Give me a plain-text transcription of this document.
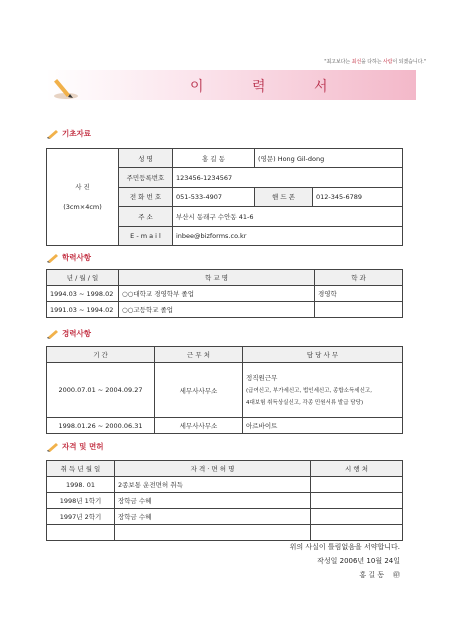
"최고보다는 최선을 다하는 사람이 되겠습니다."
이 력 서
기초자료
사 진
(3cm×4cm)	성 명	홍 길 동	(영문) Hong Gil-dong	
	주민등록번호	123456-1234567		
	전 화 번 호	051-533-4907	핸 드 폰	012-345-6789
	주 소	부산시 동래구 수안동 41-6		
	E - m a i l	inbee@bizforms.co.kr		
학력사항
년 / 월 / 일	학 교 명	학 과
1994.03 ~ 1998.02	○○대학교 경영학부 졸업	경영학
1991.03 ~ 1994.02	○○고등학교 졸업	
경력사항
기 간	근 무 처	담 당 사 무
2000.07.01 ~ 2004.09.27	세무사사무소	정직원근무
(급여신고, 부가세신고, 법인세신고, 종합소득세신고,
4대보험 취득상실신고, 각종 민원서류 발급 담당)
1998.01.26 ~ 2000.06.31	세무사사무소	아르바이트
자격 및 면허
취 득 년 월 일	자 격 · 면 허 명	시 행 처
1998. 01	2종보통 운전면허 취득	
1998년 1학기	장학금 수혜	
1997년 2학기	장학금 수혜	

위의 사실이 틀림없음을 서약합니다.
작성일 2006년 10월 24일
홍 길 동 ㊞
